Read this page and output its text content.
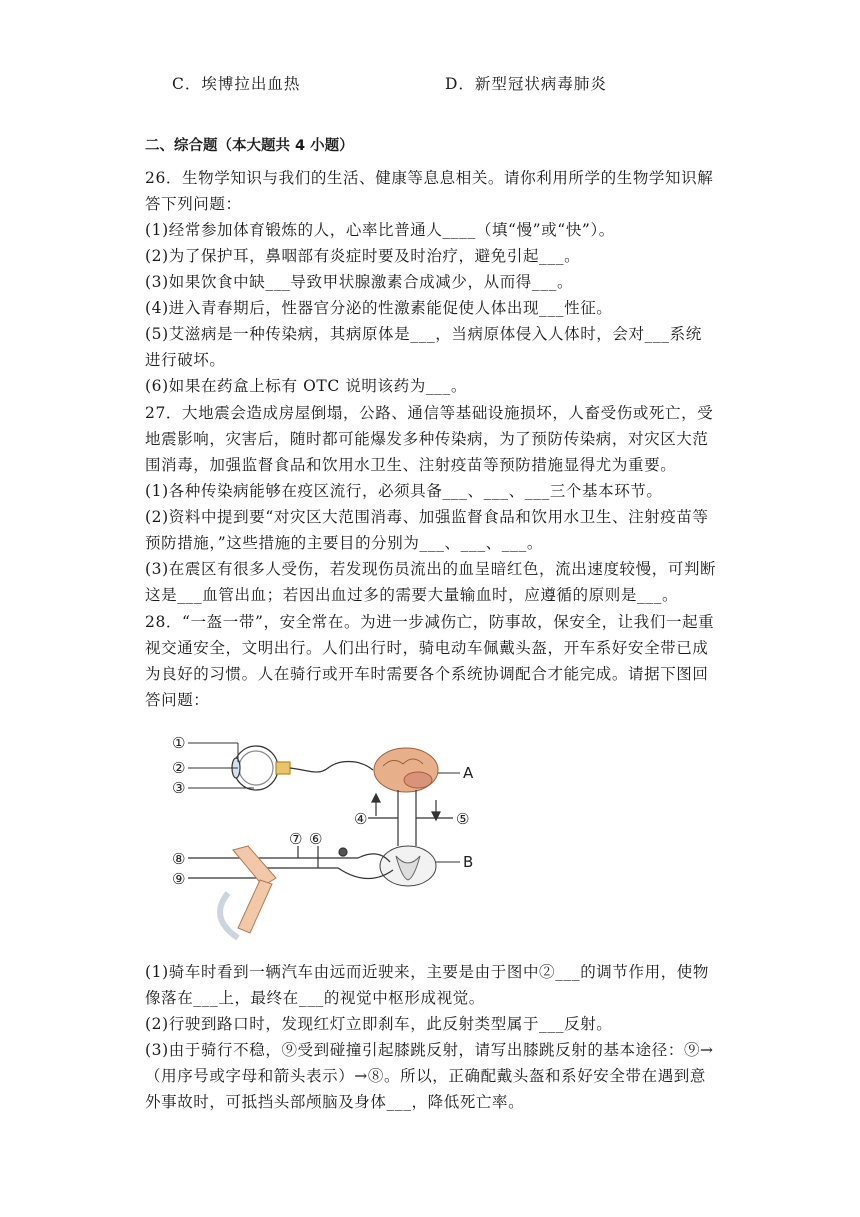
C．埃博拉出血热	D．新型冠状病毒肺炎
二、综合题（本大题共 4 小题）
26．生物学知识与我们的生活、健康等息息相关。请你利用所学的生物学知识解
答下列问题：
(1)经常参加体育锻炼的人，心率比普通人____（填“慢”或“快”）。
(2)为了保护耳，鼻咽部有炎症时要及时治疗，避免引起___。
(3)如果饮食中缺___导致甲状腺激素合成减少，从而得___。
(4)进入青春期后，性器官分泌的性激素能促使人体出现___性征。
(5)艾滋病是一种传染病，其病原体是___，当病原体侵入人体时，会对___系统
进行破坏。
(6)如果在药盒上标有 OTC 说明该药为___。
27．大地震会造成房屋倒塌，公路、通信等基础设施损坏，人畜受伤或死亡，受
地震影响，灾害后，随时都可能爆发多种传染病，为了预防传染病，对灾区大范
围消毒，加强监督食品和饮用水卫生、注射疫苗等预防措施显得尤为重要。
(1)各种传染病能够在疫区流行，必须具备___、___、___三个基本环节。
(2)资料中提到要“对灾区大范围消毒、加强监督食品和饮用水卫生、注射疫苗等
预防措施，”这些措施的主要目的分别为___、___、___。
(3)在震区有很多人受伤，若发现伤员流出的血呈暗红色，流出速度较慢，可判断
这是___血管出血；若因出血过多的需要大量输血时，应遵循的原则是___。
28．“一盔一带”，安全常在。为进一步减伤亡，防事故，保安全，让我们一起重
视交通安全，文明出行。人们出行时，骑电动车佩戴头盔，开车系好安全带已成
为良好的习惯。人在骑行或开车时需要各个系统协调配合才能完成。请据下图回
答问题：
①
②
③
④	⑤
⑦ ⑥
⑧
⑨
A
B
(1)骑车时看到一辆汽车由远而近驶来，主要是由于图中②___的调节作用，使物
像落在___上，最终在___的视觉中枢形成视觉。
(2)行驶到路口时，发现红灯立即刹车，此反射类型属于___反射。
(3)由于骑行不稳，⑨受到碰撞引起膝跳反射，请写出膝跳反射的基本途径：⑨→
（用序号或字母和箭头表示）→⑧。所以，正确配戴头盔和系好安全带在遇到意
外事故时，可抵挡头部颅脑及身体___，降低死亡率。
